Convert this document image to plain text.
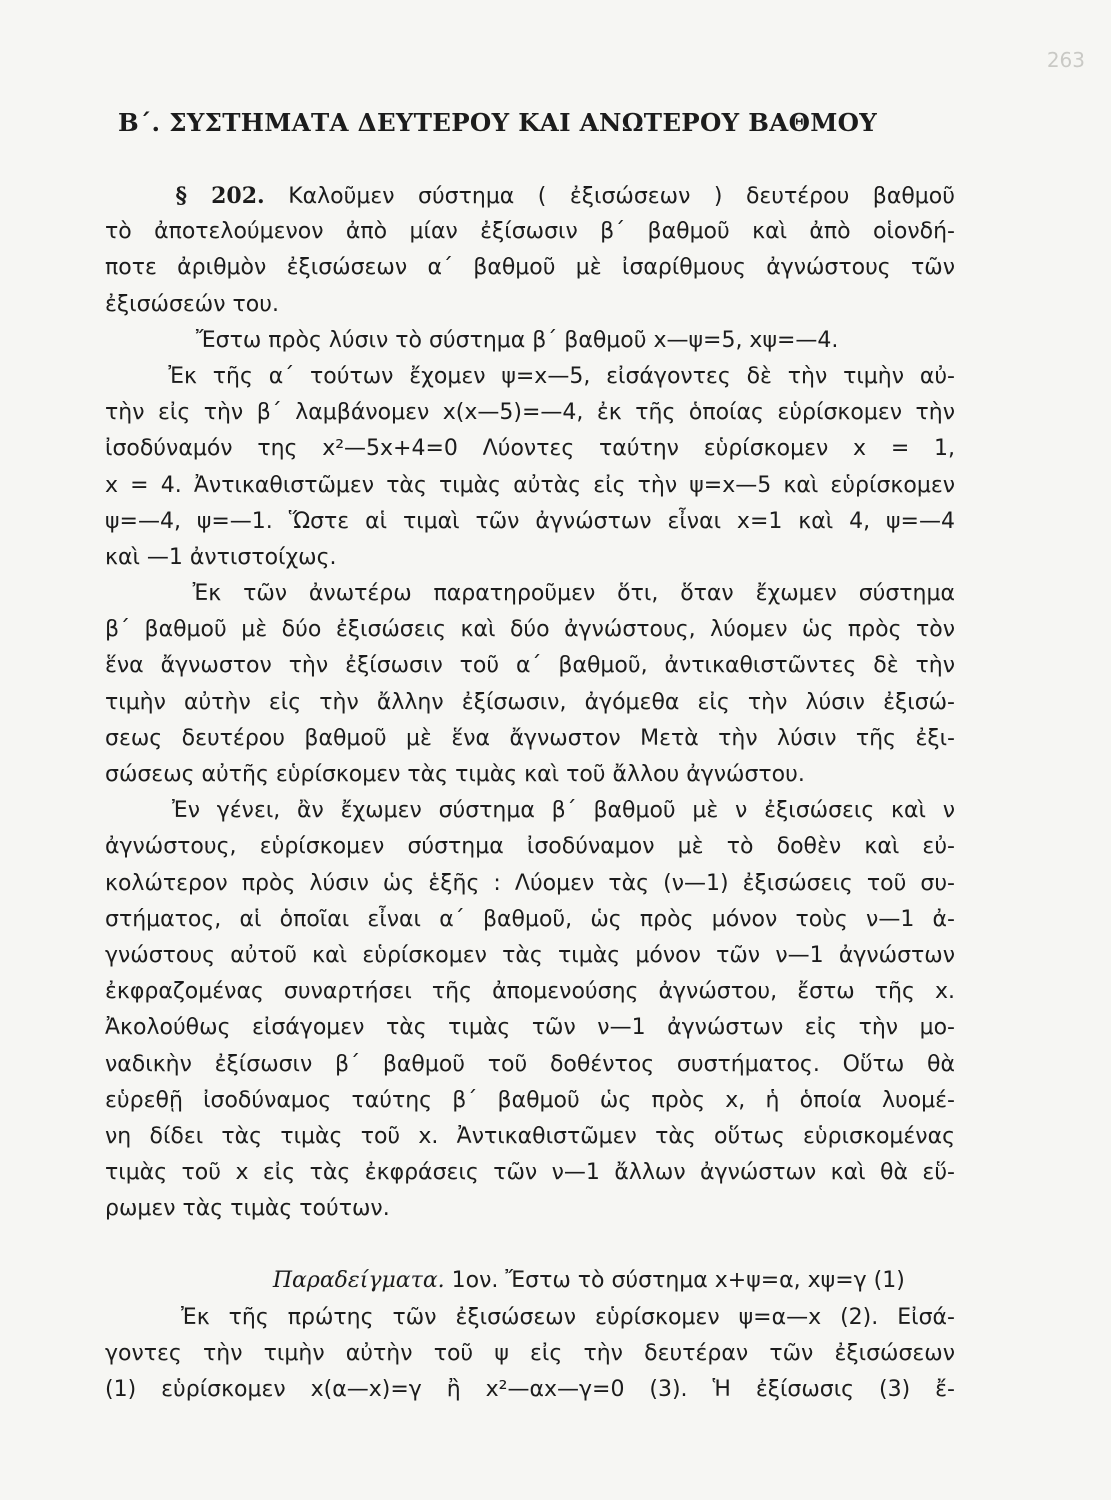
263
Β΄. ΣΥΣΤΗΜΑΤΑ ΔΕΥΤΕΡΟΥ ΚΑΙ ΑΝΩΤΕΡΟΥ ΒΑΘΜΟΥ
§ 202. Καλοῦμεν σύστημα ( ἐξισώσεων ) δευτέρου βαθμοῦ
τὸ ἀποτελούμενον ἀπὸ μίαν ἐξίσωσιν β΄ βαθμοῦ καὶ ἀπὸ οἱονδή-
ποτε ἀριθμὸν ἐξισώσεων α΄ βαθμοῦ μὲ ἰσαρίθμους ἀγνώστους τῶν
ἐξισώσεών του.
Ἔστω πρὸς λύσιν τὸ σύστημα β΄ βαθμοῦ x—ψ=5, xψ=—4.
Ἐκ τῆς α΄ τούτων ἔχομεν ψ=x—5, εἰσάγοντες δὲ τὴν τιμὴν αὐ-
τὴν εἰς τὴν β΄ λαμβάνομεν x(x—5)=—4, ἐκ τῆς ὁποίας εὑρίσκομεν τὴν
ἰσοδύναμόν της x²—5x+4=0 Λύοντες ταύτην εὑρίσκομεν x = 1,
x = 4. Ἀντικαθιστῶμεν τὰς τιμὰς αὐτὰς εἰς τὴν ψ=x—5 καὶ εὑρίσκομεν
ψ=—4, ψ=—1. Ὥστε αἱ τιμαὶ τῶν ἀγνώστων εἶναι x=1 καὶ 4, ψ=—4
καὶ —1 ἀντιστοίχως.
Ἐκ τῶν ἀνωτέρω παρατηροῦμεν ὅτι, ὅταν ἔχωμεν σύστημα
β΄ βαθμοῦ μὲ δύο ἐξισώσεις καὶ δύο ἀγνώστους, λύομεν ὡς πρὸς τὸν
ἕνα ἄγνωστον τὴν ἐξίσωσιν τοῦ α΄ βαθμοῦ, ἀντικαθιστῶντες δὲ τὴν
τιμὴν αὐτὴν εἰς τὴν ἄλλην ἐξίσωσιν, ἀγόμεθα εἰς τὴν λύσιν ἐξισώ-
σεως δευτέρου βαθμοῦ μὲ ἕνα ἄγνωστον Μετὰ τὴν λύσιν τῆς ἐξι-
σώσεως αὐτῆς εὑρίσκομεν τὰς τιμὰς καὶ τοῦ ἄλλου ἀγνώστου.
Ἐν γένει, ἂν ἔχωμεν σύστημα β΄ βαθμοῦ μὲ ν ἐξισώσεις καὶ ν
ἀγνώστους, εὑρίσκομεν σύστημα ἰσοδύναμον μὲ τὸ δοθὲν καὶ εὐ-
κολώτερον πρὸς λύσιν ὡς ἑξῆς : Λύομεν τὰς (ν—1) ἐξισώσεις τοῦ συ-
στήματος, αἱ ὁποῖαι εἶναι α΄ βαθμοῦ, ὡς πρὸς μόνον τοὺς ν—1 ἀ-
γνώστους αὐτοῦ καὶ εὑρίσκομεν τὰς τιμὰς μόνον τῶν ν—1 ἀγνώστων
ἐκφραζομένας συναρτήσει τῆς ἀπομενούσης ἀγνώστου, ἔστω τῆς x.
Ἀκολούθως εἰσάγομεν τὰς τιμὰς τῶν ν—1 ἀγνώστων εἰς τὴν μο-
ναδικὴν ἐξίσωσιν β΄ βαθμοῦ τοῦ δοθέντος συστήματος. Οὕτω θὰ
εὑρεθῇ ἰσοδύναμος ταύτης β΄ βαθμοῦ ὡς πρὸς x, ἡ ὁποία λυομέ-
νη δίδει τὰς τιμὰς τοῦ x. Ἀντικαθιστῶμεν τὰς οὕτως εὑρισκομένας
τιμὰς τοῦ x εἰς τὰς ἐκφράσεις τῶν ν—1 ἄλλων ἀγνώστων καὶ θὰ εὕ-
ρωμεν τὰς τιμὰς τούτων.
Παραδείγματα. 1ον. Ἔστω τὸ σύστημα x+ψ=α, xψ=γ (1)
Ἐκ τῆς πρώτης τῶν ἐξισώσεων εὑρίσκομεν ψ=α—x (2). Εἰσά-
γοντες τὴν τιμὴν αὐτὴν τοῦ ψ εἰς τὴν δευτέραν τῶν ἐξισώσεων
(1) εὑρίσκομεν x(α—x)=γ ἢ x²—αx—γ=0 (3). Ἡ ἐξίσωσις (3) ἔ-
